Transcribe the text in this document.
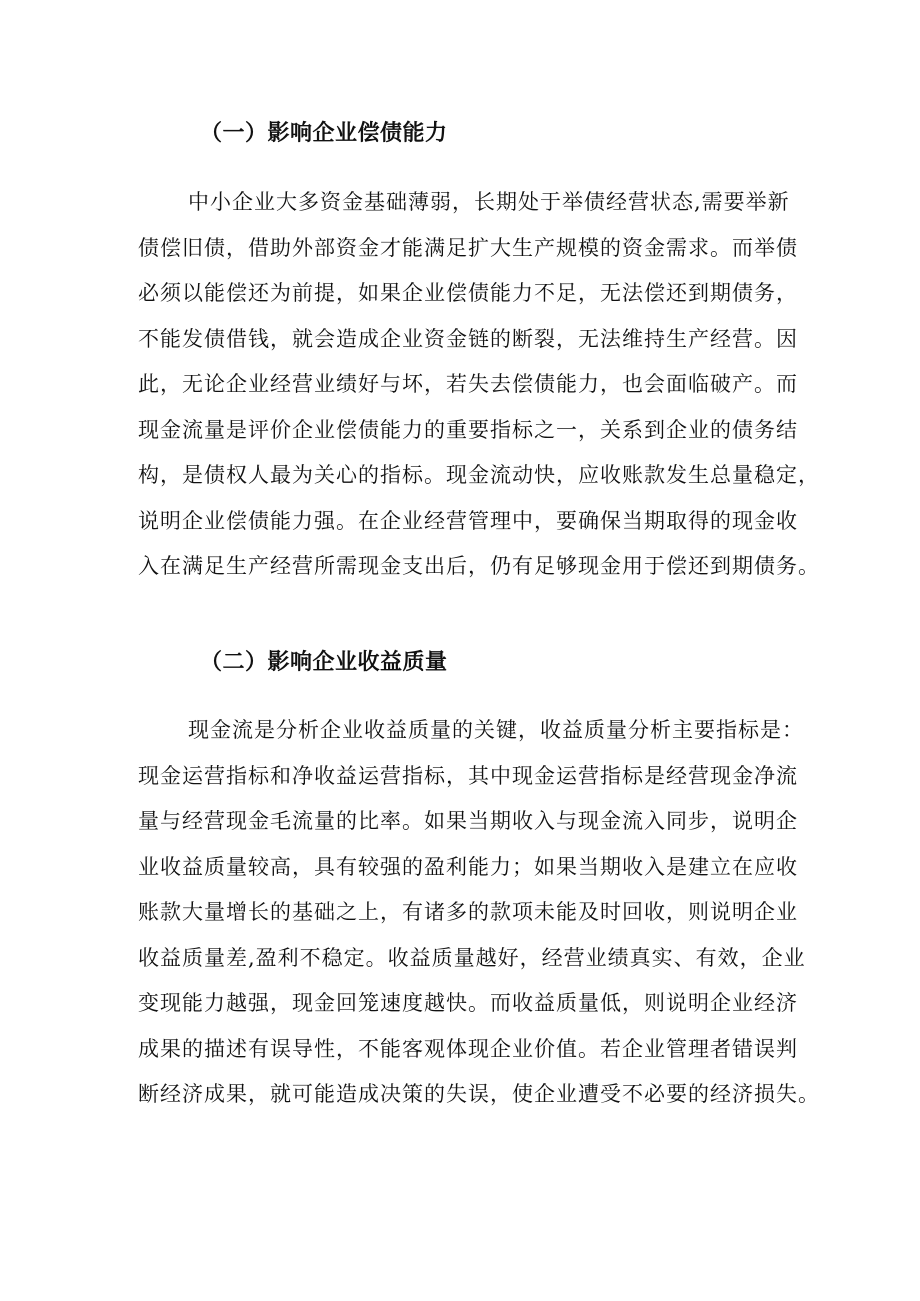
（一）影响企业偿债能力
中小企业大多资金基础薄弱，长期处于举债经营状态,需要举新
债偿旧债，借助外部资金才能满足扩大生产规模的资金需求。而举债
必须以能偿还为前提，如果企业偿债能力不足，无法偿还到期债务，
不能发债借钱，就会造成企业资金链的断裂，无法维持生产经营。因
此，无论企业经营业绩好与坏，若失去偿债能力，也会面临破产。而
现金流量是评价企业偿债能力的重要指标之一，关系到企业的债务结
构，是债权人最为关心的指标。现金流动快，应收账款发生总量稳定，
说明企业偿债能力强。在企业经营管理中，要确保当期取得的现金收
入在满足生产经营所需现金支出后，仍有足够现金用于偿还到期债务。
（二）影响企业收益质量
现金流是分析企业收益质量的关键，收益质量分析主要指标是：
现金运营指标和净收益运营指标，其中现金运营指标是经营现金净流
量与经营现金毛流量的比率。如果当期收入与现金流入同步，说明企
业收益质量较高，具有较强的盈利能力；如果当期收入是建立在应收
账款大量增长的基础之上，有诸多的款项未能及时回收，则说明企业
收益质量差,盈利不稳定。收益质量越好，经营业绩真实、有效，企业
变现能力越强，现金回笼速度越快。而收益质量低，则说明企业经济
成果的描述有误导性，不能客观体现企业价值。若企业管理者错误判
断经济成果，就可能造成决策的失误，使企业遭受不必要的经济损失。
